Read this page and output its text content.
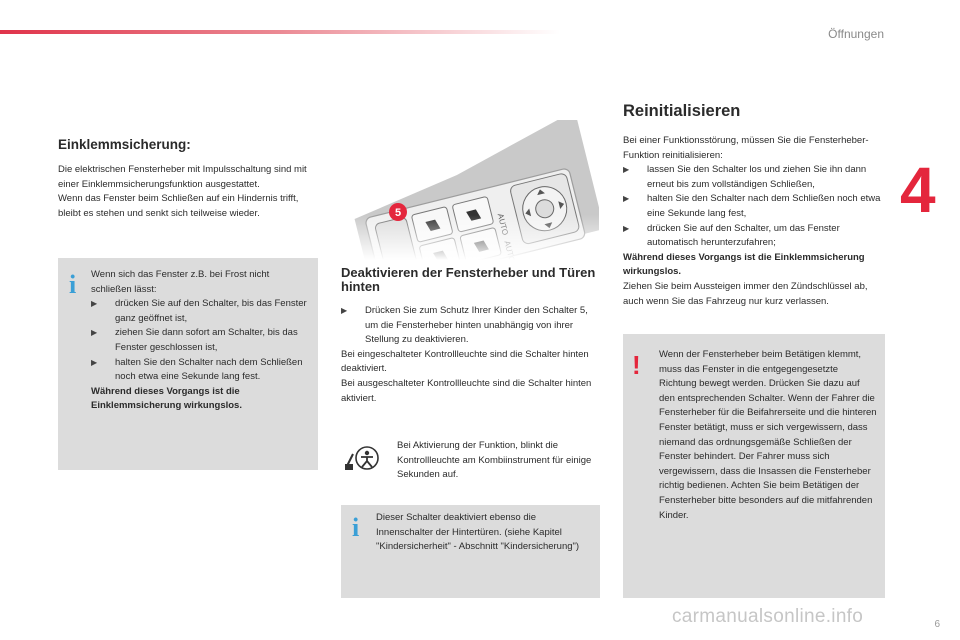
Öffnungen
4
6
Einklemmsicherung:

Die elektrischen Fensterheber mit Impulsschaltung sind mit einer Einklemmsicherungsfunktion ausgestattet.

Wenn das Fenster beim Schließen auf ein Hindernis trifft, bleibt es stehen und senkt sich teilweise wieder.

i Wenn sich das Fenster z.B. bei Frost nicht schließen lässt:

▶ drücken Sie auf den Schalter, bis das Fenster ganz geöffnet ist,

▶ ziehen Sie dann sofort am Schalter, bis das Fenster geschlossen ist,

▶ halten Sie den Schalter nach dem Schließen noch etwa eine Sekunde lang fest.

Während dieses Vorgangs ist die Einklemmsicherung wirkungslos.

5
Deaktivieren der Fensterheber und Türen hinten

▶ Drücken Sie zum Schutz Ihrer Kinder den Schalter 5, um die Fensterheber hinten unabhängig von ihrer Stellung zu deaktivieren.

Bei eingeschalteter Kontrollleuchte sind die Schalter hinten deaktiviert.

Bei ausgeschalteter Kontrollleuchte sind die Schalter hinten aktiviert.

Bei Aktivierung der Funktion, blinkt die Kontrollleuchte am Kombiinstrument für einige Sekunden auf.

i Dieser Schalter deaktiviert ebenso die Innenschalter der Hintertüren. (siehe Kapitel "Kindersicherheit" - Abschnitt "Kindersicherung")

Reinitialisieren

Bei einer Funktionsstörung, müssen Sie die Fensterheber-Funktion reinitialisieren:

▶ lassen Sie den Schalter los und ziehen Sie ihn dann erneut bis zum vollständigen Schließen,

▶ halten Sie den Schalter nach dem Schließen noch etwa eine Sekunde lang fest,

▶ drücken Sie auf den Schalter, um das Fenster automatisch herunterzufahren;

Während dieses Vorgangs ist die Einklemmsicherung wirkungslos.

Ziehen Sie beim Aussteigen immer den Zündschlüssel ab, auch wenn Sie das Fahrzeug nur kurz verlassen.

! Wenn der Fensterheber beim Betätigen klemmt, muss das Fenster in die entgegengesetzte Richtung bewegt werden. Drücken Sie dazu auf den entsprechenden Schalter. Wenn der Fahrer die Fensterheber für die Beifahrerseite und die hinteren Fenster betätigt, muss er sich vergewissern, dass niemand das ordnungsgemäße Schließen der Fenster behindert. Der Fahrer muss sich vergewissern, dass die Insassen die Fensterheber richtig bedienen. Achten Sie beim Betätigen der Fensterheber bitte besonders auf die mitfahrenden Kinder.

carmanualsonline.info
